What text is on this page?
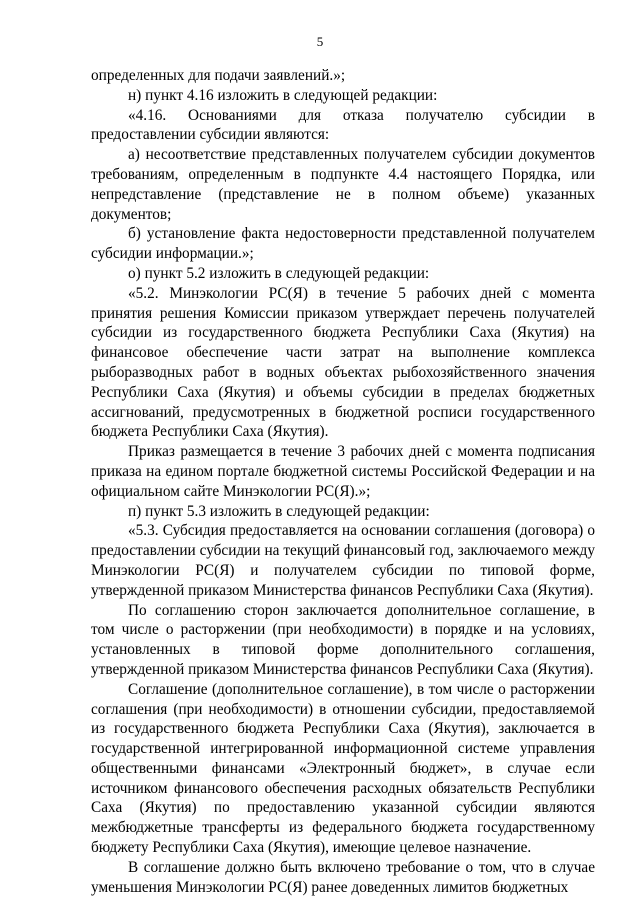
5

определенных для подачи заявлений.»;

н) пункт 4.16 изложить в следующей редакции:

«4.16. Основаниями для отказа получателю субсидии в предоставлении субсидии являются:

а) несоответствие представленных получателем субсидии документов требованиям, определенным в подпункте 4.4 настоящего Порядка, или непредставление (представление не в полном объеме) указанных документов;

б) установление факта недостоверности представленной получателем субсидии информации.»;

о) пункт 5.2 изложить в следующей редакции:

«5.2. Минэкологии РС(Я) в течение 5 рабочих дней с момента принятия решения Комиссии приказом утверждает перечень получателей субсидии из государственного бюджета Республики Саха (Якутия) на финансовое обеспечение части затрат на выполнение комплекса рыборазводных работ в водных объектах рыбохозяйственного значения Республики Саха (Якутия) и объемы субсидии в пределах бюджетных ассигнований, предусмотренных в бюджетной росписи государственного бюджета Республики Саха (Якутия).

Приказ размещается в течение 3 рабочих дней с момента подписания приказа на едином портале бюджетной системы Российской Федерации и на официальном сайте Минэкологии РС(Я).»;

п) пункт 5.3 изложить в следующей редакции:

«5.3. Субсидия предоставляется на основании соглашения (договора) о предоставлении субсидии на текущий финансовый год, заключаемого между Минэкологии РС(Я) и получателем субсидии по типовой форме, утвержденной приказом Министерства финансов Республики Саха (Якутия).

По соглашению сторон заключается дополнительное соглашение, в том числе о расторжении (при необходимости) в порядке и на условиях, установленных в типовой форме дополнительного соглашения, утвержденной приказом Министерства финансов Республики Саха (Якутия).

Соглашение (дополнительное соглашение), в том числе о расторжении соглашения (при необходимости) в отношении субсидии, предоставляемой из государственного бюджета Республики Саха (Якутия), заключается в государственной интегрированной информационной системе управления общественными финансами «Электронный бюджет», в случае если источником финансового обеспечения расходных обязательств Республики Саха (Якутия) по предоставлению указанной субсидии являются межбюджетные трансферты из федерального бюджета государственному бюджету Республики Саха (Якутия), имеющие целевое назначение.

В соглашение должно быть включено требование о том, что в случае уменьшения Минэкологии РС(Я) ранее доведенных лимитов бюджетных
